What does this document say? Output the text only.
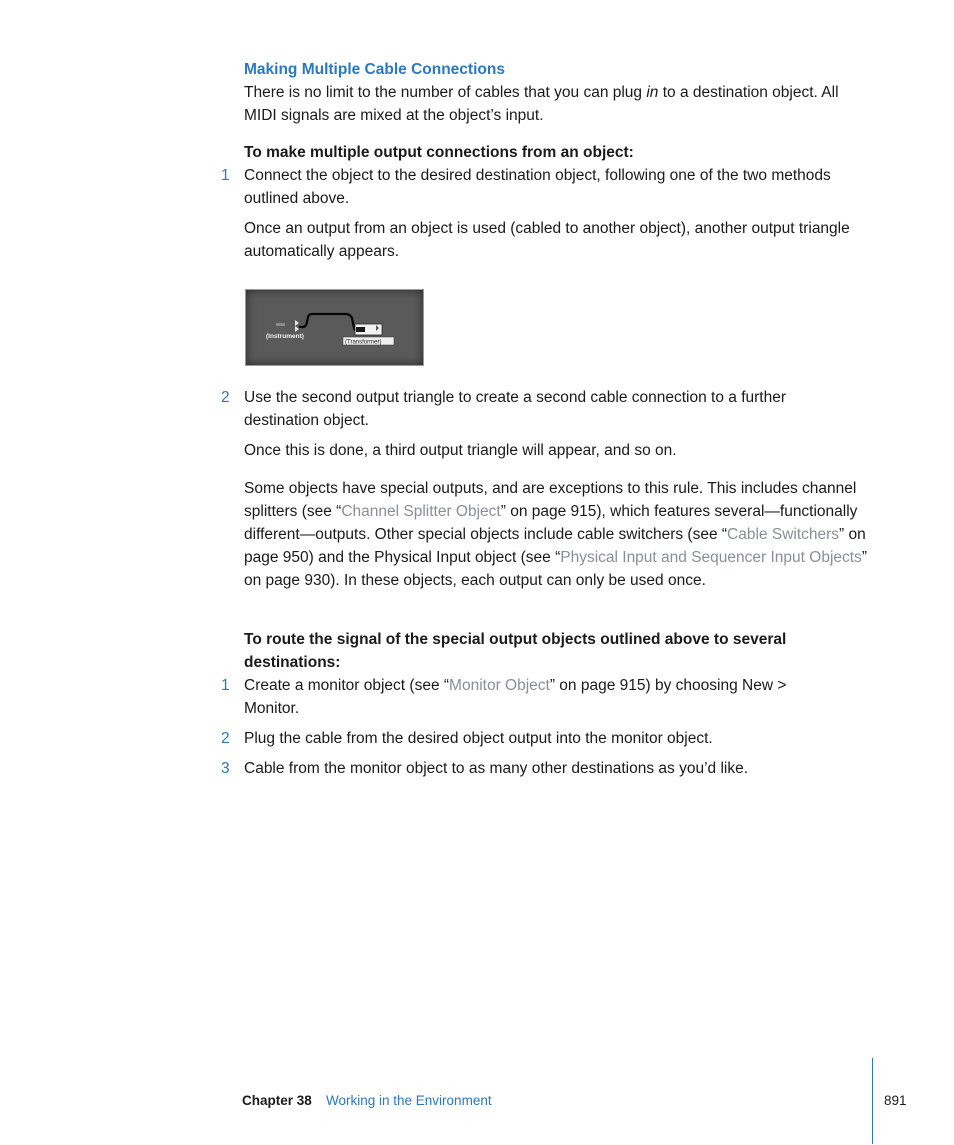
Making Multiple Cable Connections

There is no limit to the number of cables that you can plug in to a destination object. All MIDI signals are mixed at the object’s input.

To make multiple output connections from an object:
1 Connect the object to the desired destination object, following one of the two methods outlined above.

Once an output from an object is used (cabled to another object), another output triangle automatically appears.

(Instrument)
(Transformer)
2 Use the second output triangle to create a second cable connection to a further destination object.

Once this is done, a third output triangle will appear, and so on.

Some objects have special outputs, and are exceptions to this rule. This includes channel splitters (see “Channel Splitter Object” on page 915), which features several—functionally different—outputs. Other special objects include cable switchers (see “Cable Switchers” on page 950) and the Physical Input object (see “Physical Input and Sequencer Input Objects” on page 930). In these objects, each output can only be used once.

To route the signal of the special output objects outlined above to several destinations:
1 Create a monitor object (see “Monitor Object” on page 915) by choosing New > Monitor.

2 Plug the cable from the desired object output into the monitor object.

3 Cable from the monitor object to as many other destinations as you’d like.

Chapter 38 Working in the Environment	891
